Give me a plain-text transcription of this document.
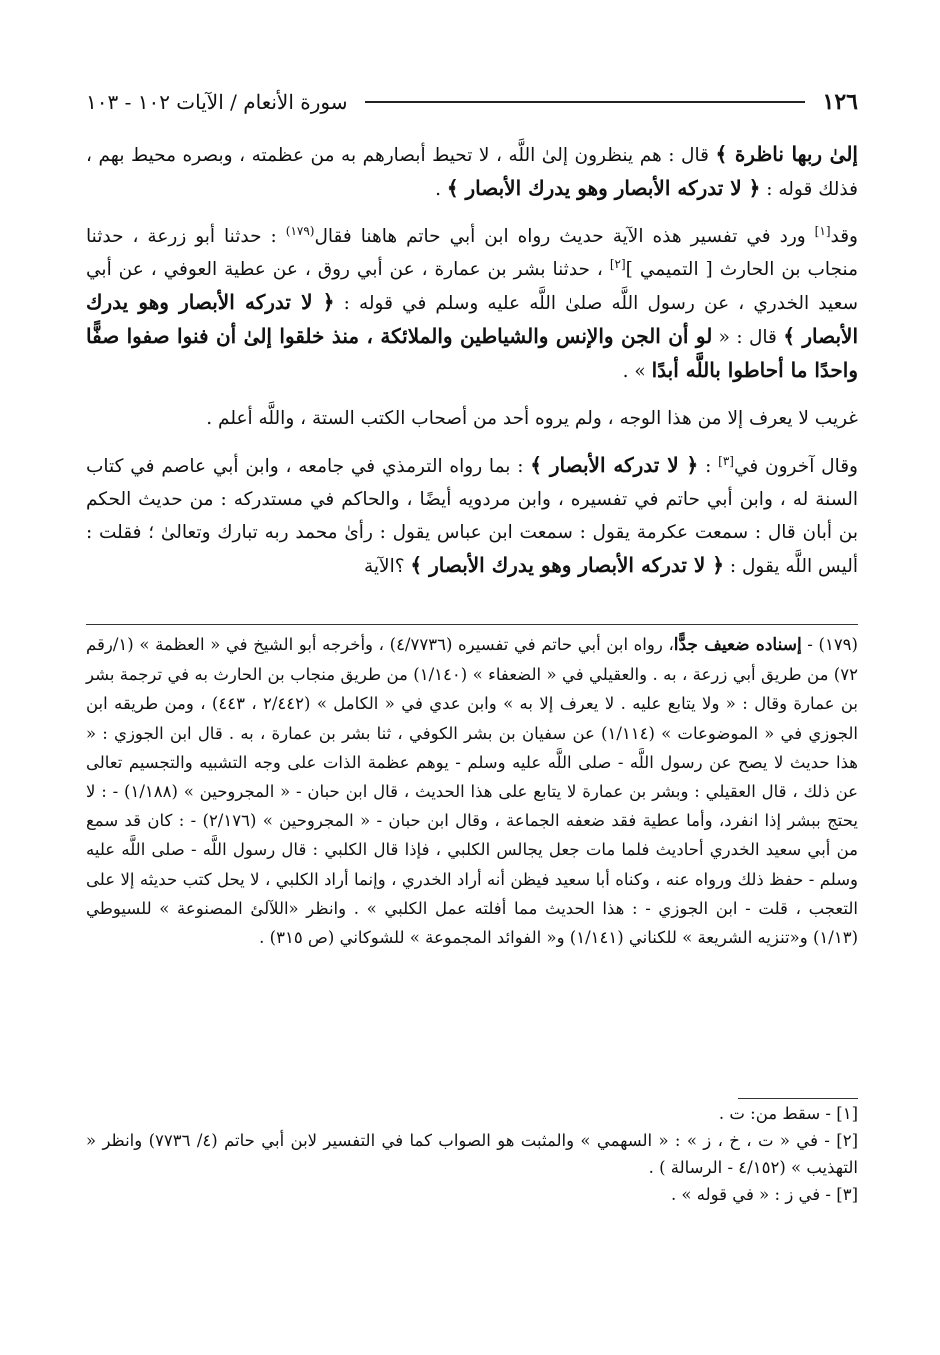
١٢٦
سورة الأنعام / الآيات ١٠٢ - ١٠٣

إلىٰ ربها ناظرة ﴾ قال : هم ينظرون إلىٰ اللَّه ، لا تحيط أبصارهم به من عظمته ، وبصره محيط بهم ، فذلك قوله : ﴿ لا تدركه الأبصار وهو يدرك الأبصار ﴾ .

وقد[١] ورد في تفسير هذه الآية حديث رواه ابن أبي حاتم هاهنا فقال$^{(١٧٩)}$ : حدثنا أبو زرعة ، حدثنا منجاب بن الحارث [ التميمي ][٢] ، حدثنا بشر بن عمارة ، عن أبي روق ، عن عطية العوفي ، عن أبي سعيد الخدري ، عن رسول اللَّه صلىٰ اللَّه عليه وسلم في قوله : ﴿ لا تدركه الأبصار وهو يدرك الأبصار ﴾ قال : « لو أن الجن والإنس والشياطين والملائكة ، منذ خلقوا إلىٰ أن فنوا صفوا صفًّا واحدًا ما أحاطوا باللَّه أبدًا » .

غريب لا يعرف إلا من هذا الوجه ، ولم يروه أحد من أصحاب الكتب الستة ، واللَّه أعلم .

وقال آخرون في[٣] : ﴿ لا تدركه الأبصار ﴾ : بما رواه الترمذي في جامعه ، وابن أبي عاصم في كتاب السنة له ، وابن أبي حاتم في تفسيره ، وابن مردويه أيضًا ، والحاكم في مستدركه : من حديث الحكم بن أبان قال : سمعت عكرمة يقول : سمعت ابن عباس يقول : رأىٰ محمد ربه تبارك وتعالىٰ ؛ فقلت : أليس اللَّه يقول : ﴿ لا تدركه الأبصار وهو يدرك الأبصار ﴾ ؟الآية

(١٧٩) - إسناده ضعيف جدًّا، رواه ابن أبي حاتم في تفسيره (٤/٧٧٣٦) ، وأخرجه أبو الشيخ في « العظمة » (١/رقم ٧٢) من طريق أبي زرعة ، به . والعقيلي في « الضعفاء » (١/١٤٠) من طريق منجاب بن الحارث به في ترجمة بشر بن عمارة وقال : « ولا يتابع عليه . لا يعرف إلا به » وابن عدي في « الكامل » (٢/٤٤٢ ، ٤٤٣) ، ومن طريقه ابن الجوزي في « الموضوعات » (١/١١٤) عن سفيان بن بشر الكوفي ، ثنا بشر بن عمارة ، به . قال ابن الجوزي : « هذا حديث لا يصح عن رسول اللَّه - صلى اللَّه عليه وسلم - يوهم عظمة الذات على وجه التشبيه والتجسيم تعالى عن ذلك ، قال العقيلي : وبشر بن عمارة لا يتابع على هذا الحديث ، قال ابن حبان - « المجروحين » (١/١٨٨) - : لا يحتج ببشر إذا انفرد، وأما عطية فقد ضعفه الجماعة ، وقال ابن حبان - « المجروحين » (٢/١٧٦) - : كان قد سمع من أبي سعيد الخدري أحاديث فلما مات جعل يجالس الكلبي ، فإذا قال الكلبي : قال رسول اللَّه - صلى اللَّه عليه وسلم - حفظ ذلك ورواه عنه ، وكناه أبا سعيد فيظن أنه أراد الخدري ، وإنما أراد الكلبي ، لا يحل كتب حديثه إلا على التعجب ، قلت - ابن الجوزي - : هذا الحديث مما أفلته عمل الكلبي » . وانظر «اللآلئ المصنوعة » للسيوطي (١/١٣) و«تنزيه الشريعة » للكناني (١/١٤١) و« الفوائد المجموعة » للشوكاني (ص ٣١٥) .

[١] - سقط من: ت .

[٢] - في « ت ، خ ، ز » : « السهمي » والمثبت هو الصواب كما في التفسير لابن أبي حاتم (٤/ ٧٧٣٦) وانظر « التهذيب » (٤/١٥٢ - الرسالة ) .

[٣] - في ز : « في قوله » .
